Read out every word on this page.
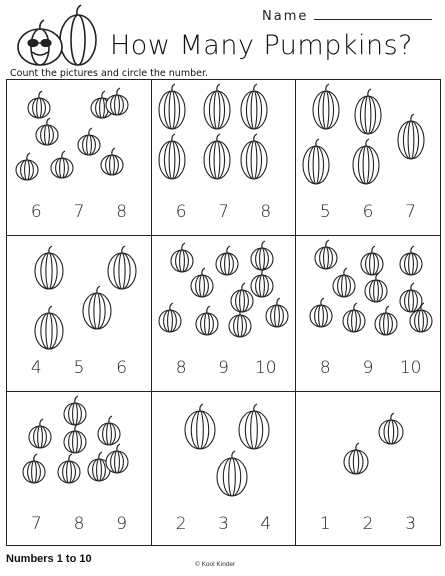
Name
How Many Pumpkins?
Count the pictures and circle the number.
6	7	8	6	7	8	5	6	7
4	5	6	8	9	10	8	9	10
7	8	9	2	3	4	1	2	3
Numbers 1 to 10	© Kool Kinder
